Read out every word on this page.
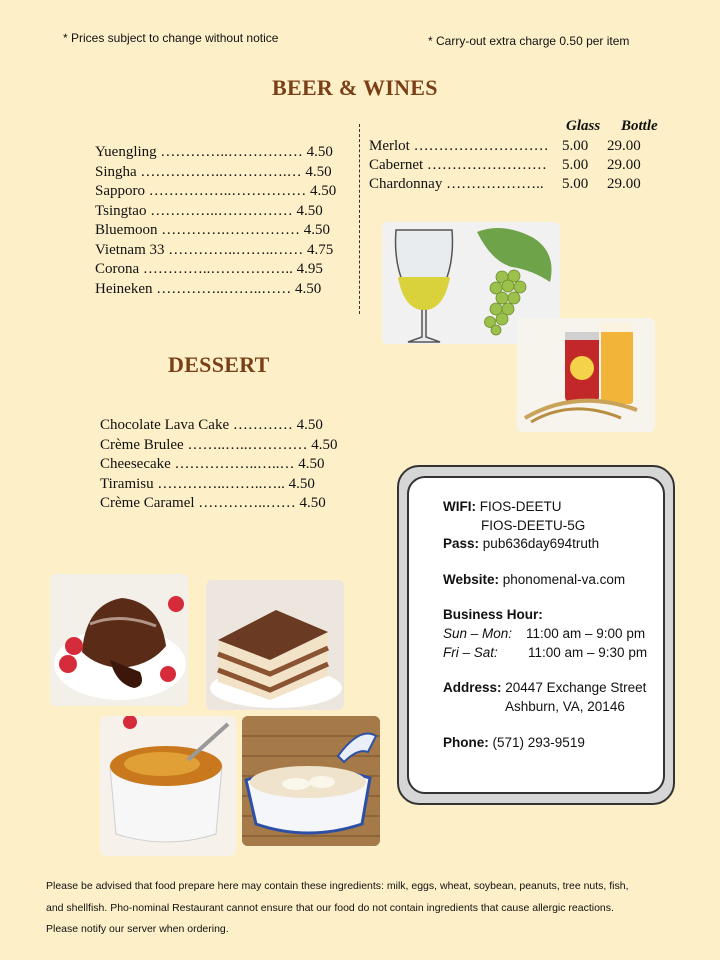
* Prices subject to change without notice	* Carry-out extra charge 0.50 per item
BEER & WINES
Yuengling …………..…………… 4.50
Singha ……………..………….… 4.50
Sapporo ……………..…………… 4.50
Tsingtao …………..…………… 4.50
Bluemoon ………….…………… 4.50
Vietnam 33 …………..……..…… 4.75
Corona …………..…………….. 4.95
Heineken …………..……..…… 4.50
Glass Bottle
Merlot ……………………… 5.00 29.00
Cabernet …………………… 5.00 29.00
Chardonnay ……………….. 5.00 29.00
DESSERT
Chocolate Lava Cake ………… 4.50
Crème Brulee ……..…..………… 4.50
Cheesecake ……………..…..… 4.50
Tiramisu …………..……..….. 4.50
Crème Caramel …………..…… 4.50	WIFI: FIOS-DEETU
FIOS-DEETU-5G
Pass: pub636day694truth
Website: phonomenal-va.com
Business Hour:
Sun – Mon: 11:00 am – 9:00 pm
Fri – Sat: 11:00 am – 9:30 pm
Address: 20447 Exchange Street
Ashburn, VA, 20146
Phone: (571) 293-9519
Please be advised that food prepare here may contain these ingredients: milk, eggs, wheat, soybean, peanuts, tree nuts, fish,
and shellfish. Pho-nominal Restaurant cannot ensure that our food do not contain ingredients that cause allergic reactions.
Please notify our server when ordering.
